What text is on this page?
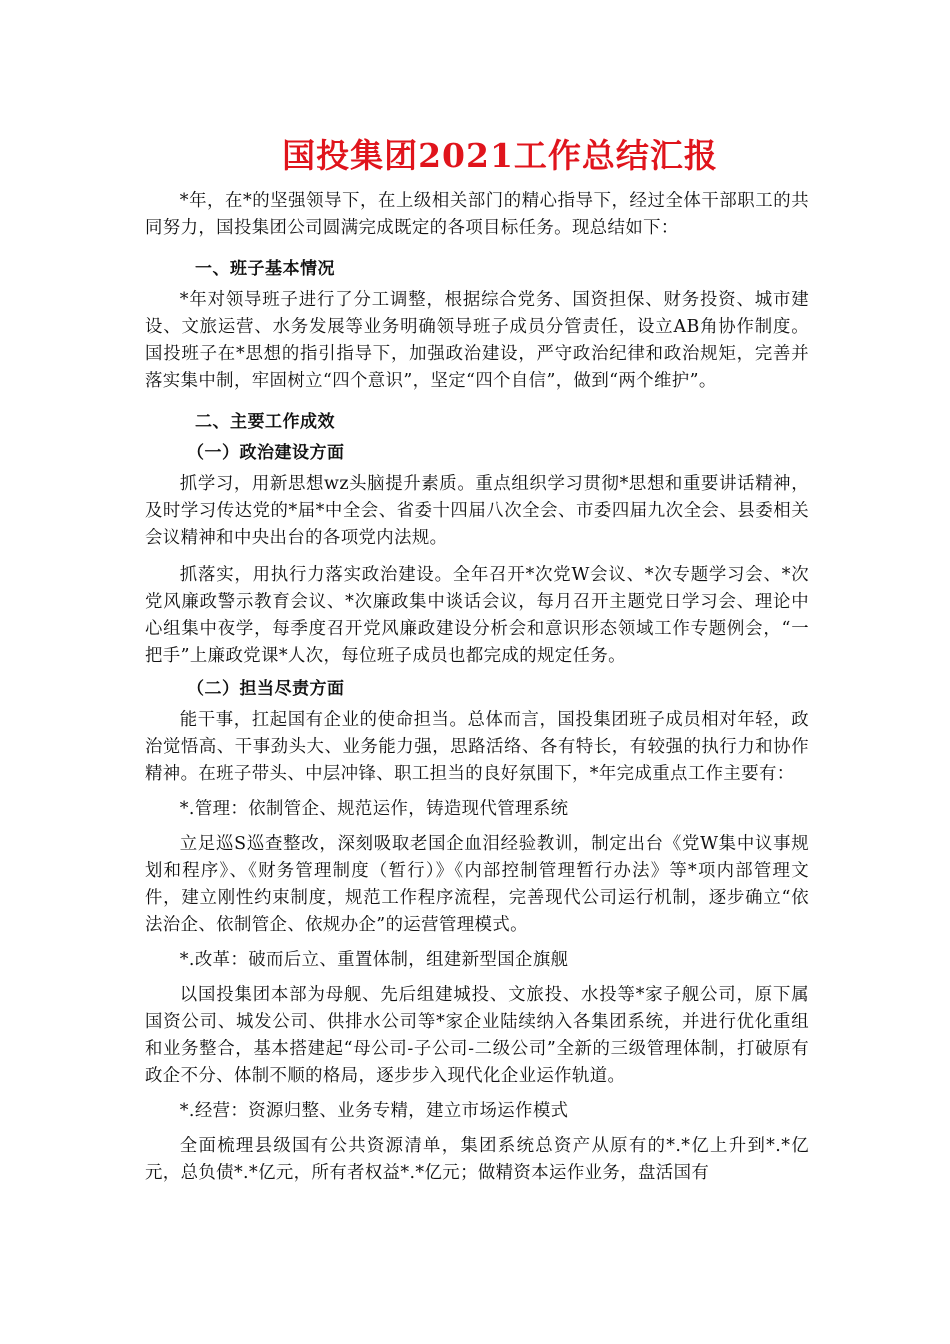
国投集团2021工作总结汇报

*年，在*的坚强领导下，在上级相关部门的精心指导下，经过全体干部职工的共同努力，国投集团公司圆满完成既定的各项目标任务。现总结如下：

一、班子基本情况

*年对领导班子进行了分工调整，根据综合党务、国资担保、财务投资、城市建设、文旅运营、水务发展等业务明确领导班子成员分管责任，设立AB角协作制度。国投班子在*思想的指引指导下，加强政治建设，严守政治纪律和政治规矩，完善并落实集中制，牢固树立“四个意识”，坚定“四个自信”，做到“两个维护”。

二、主要工作成效
（一）政治建设方面

抓学习，用新思想wz头脑提升素质。重点组织学习贯彻*思想和重要讲话精神，及时学习传达党的*届*中全会、省委十四届八次全会、市委四届九次全会、县委相关会议精神和中央出台的各项党内法规。

抓落实，用执行力落实政治建设。全年召开*次党W会议、*次专题学习会、*次党风廉政警示教育会议、*次廉政集中谈话会议，每月召开主题党日学习会、理论中心组集中夜学，每季度召开党风廉政建设分析会和意识形态领域工作专题例会，“一把手”上廉政党课*人次，每位班子成员也都完成的规定任务。

（二）担当尽责方面

能干事，扛起国有企业的使命担当。总体而言，国投集团班子成员相对年轻，政治觉悟高、干事劲头大、业务能力强，思路活络、各有特长，有较强的执行力和协作精神。在班子带头、中层冲锋、职工担当的良好氛围下，*年完成重点工作主要有：

*.管理：依制管企、规范运作，铸造现代管理系统

立足巡S巡查整改，深刻吸取老国企血泪经验教训，制定出台《党W集中议事规划和程序》、《财务管理制度（暂行）》《内部控制管理暂行办法》等*项内部管理文件，建立刚性约束制度，规范工作程序流程，完善现代公司运行机制，逐步确立“依法治企、依制管企、依规办企”的运营管理模式。

*.改革：破而后立、重置体制，组建新型国企旗舰

以国投集团本部为母舰、先后组建城投、文旅投、水投等*家子舰公司，原下属国资公司、城发公司、供排水公司等*家企业陆续纳入各集团系统，并进行优化重组和业务整合，基本搭建起“母公司-子公司-二级公司”全新的三级管理体制，打破原有政企不分、体制不顺的格局，逐步步入现代化企业运作轨道。

*.经营：资源归整、业务专精，建立市场运作模式

全面梳理县级国有公共资源清单，集团系统总资产从原有的*.*亿上升到*.*亿元，总负债*.*亿元，所有者权益*.*亿元；做精资本运作业务，盘活国有
